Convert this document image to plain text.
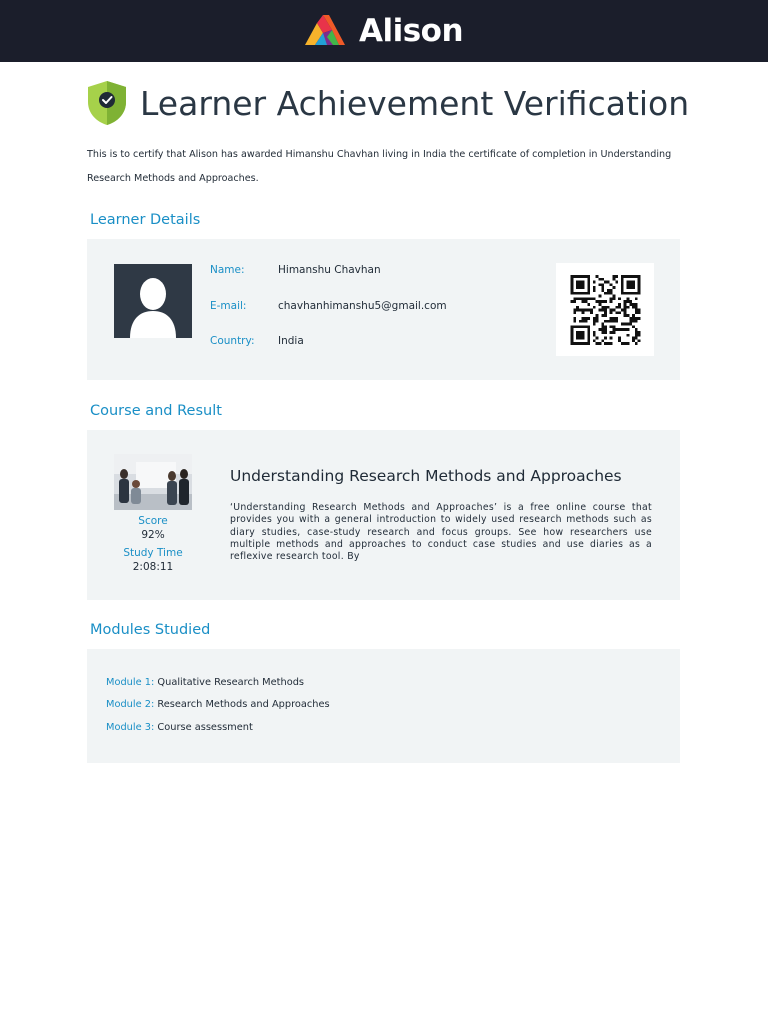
Alison
Learner Achievement Verification

This is to certify that Alison has awarded Himanshu Chavhan living in India the certificate of completion in Understanding Research Methods and Approaches.

Learner Details
Name:	Himanshu Chavhan
E-mail:	chavhanhimanshu5@gmail.com
Country: India
Course and Result
Score
92%
Study Time
2:08:11
Understanding Research Methods and Approaches
‘Understanding Research Methods and Approaches’ is a free online course that provides you with a general introduction to widely used research methods such as diary studies, case-study research and focus groups. See how researchers use multiple methods and approaches to conduct case studies and use diaries as a reflexive research tool. By
Modules Studied
Module 1: Qualitative Research Methods
Module 2: Research Methods and Approaches
Module 3: Course assessment
